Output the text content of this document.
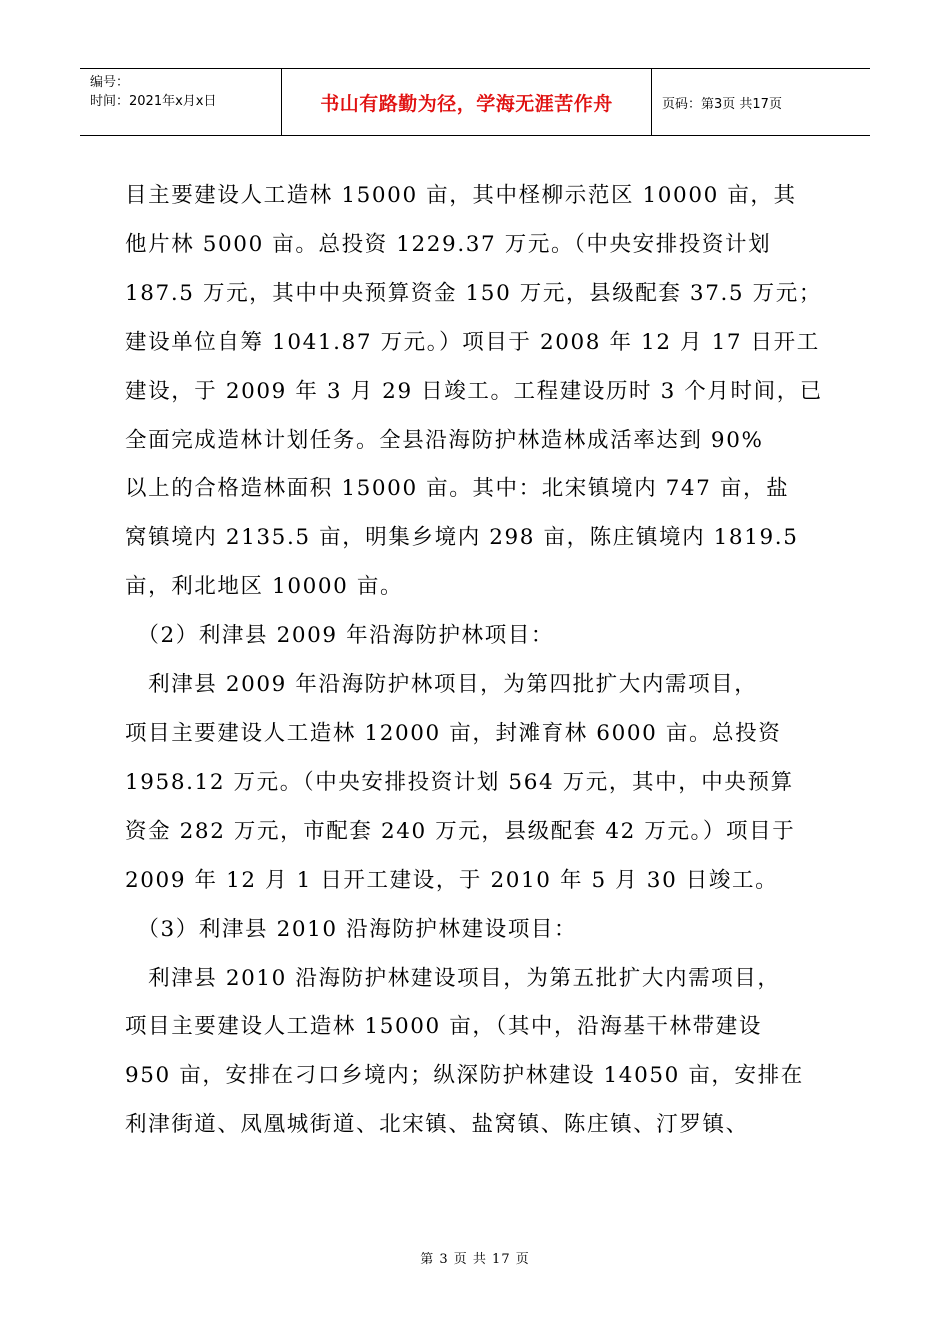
编号：
时间：2021年x月x日	书山有路勤为径，学海无涯苦作舟	页码：第3页 共17页
目主要建设人工造林 15000 亩，其中柽柳示范区 10000 亩，其
他片林 5000 亩。总投资 1229.37 万元。（中央安排投资计划
187.5 万元，其中中央预算资金 150 万元，县级配套 37.5 万元；
建设单位自筹 1041.87 万元。）项目于 2008 年 12 月 17 日开工
建设，于 2009 年 3 月 29 日竣工。工程建设历时 3 个月时间，已
全面完成造林计划任务。全县沿海防护林造林成活率达到 90%
以上的合格造林面积 15000 亩。其中：北宋镇境内 747 亩，盐
窝镇境内 2135.5 亩，明集乡境内 298 亩，陈庄镇境内 1819.5
亩，利北地区 10000 亩。
　（2）利津县 2009 年沿海防护林项目：
　利津县 2009 年沿海防护林项目，为第四批扩大内需项目，
项目主要建设人工造林 12000 亩，封滩育林 6000 亩。总投资
1958.12 万元。（中央安排投资计划 564 万元，其中，中央预算
资金 282 万元，市配套 240 万元，县级配套 42 万元。）项目于
2009 年 12 月 1 日开工建设，于 2010 年 5 月 30 日竣工。
　（3）利津县 2010 沿海防护林建设项目：
　利津县 2010 沿海防护林建设项目，为第五批扩大内需项目，
项目主要建设人工造林 15000 亩，（其中，沿海基干林带建设
950 亩，安排在刁口乡境内；纵深防护林建设 14050 亩，安排在
利津街道、凤凰城街道、北宋镇、盐窝镇、陈庄镇、汀罗镇、
第 3 页 共 17 页
